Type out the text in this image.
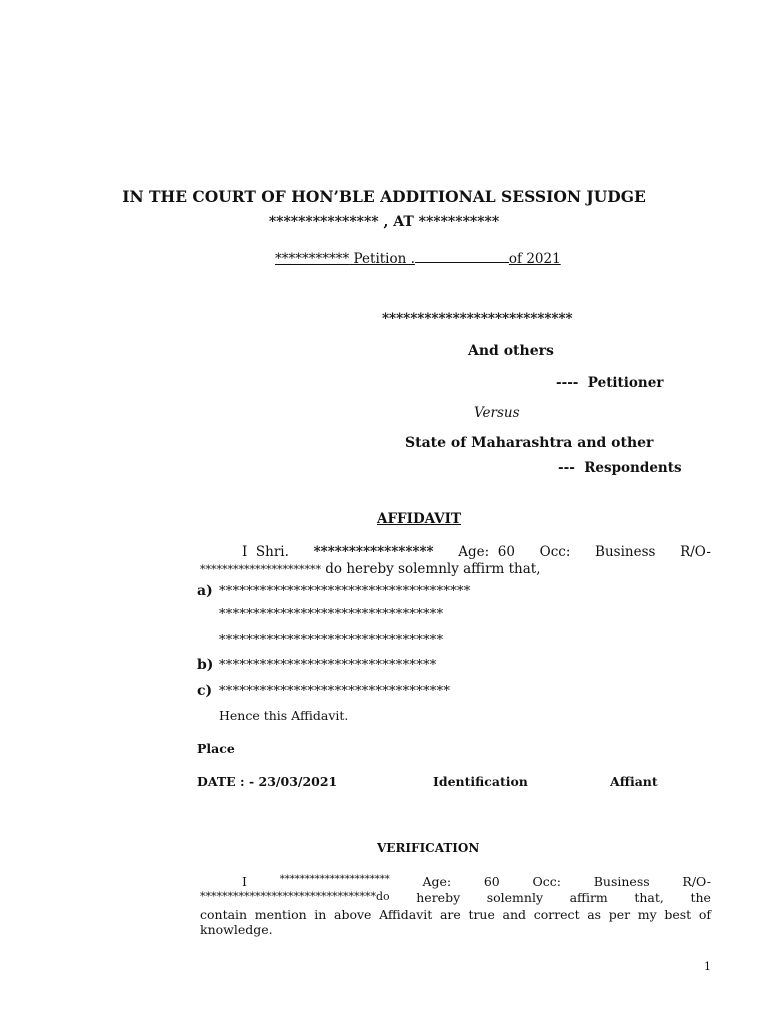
IN THE COURT OF HON’BLE ADDITIONAL SESSION JUDGE
*************** , AT ***********
*********** Petition .	of 2021
***************************
And others
----  Petitioner
Versus
State of Maharashtra and other
---  Respondents
AFFIDAVIT
I  Shri. ***************** Age:  60 Occ: Business R/O-
********************** do hereby solemnly affirm that,
a) *************************************
*********************************
*********************************
b) ********************************
c) **********************************
Hence this Affidavit.
Place
DATE : - 23/03/2021	Identification	Affiant
VERIFICATION
I	**********************	Age:	60	Occ:	Business	R/O-
********************************do hereby solemnly affirm that, the
contain mention in above Affidavit are true and correct as per my best of
knowledge.
1
